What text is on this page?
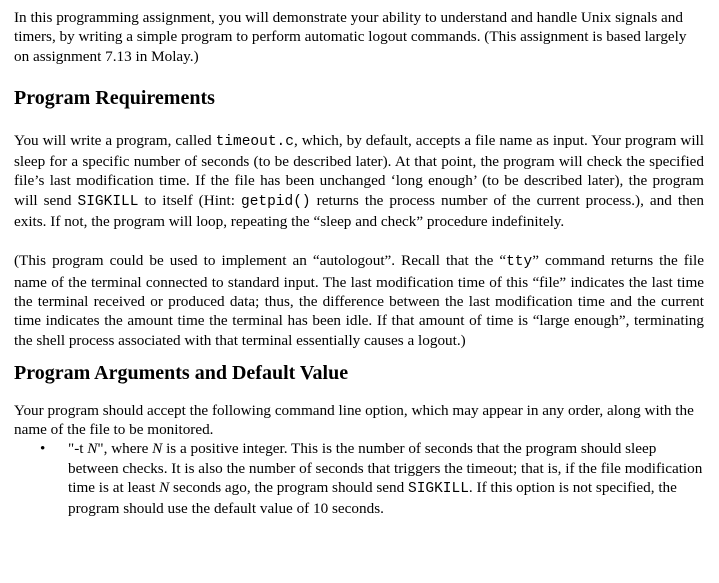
In this programming assignment, you will demonstrate your ability to understand and handle Unix signals and timers, by writing a simple program to perform automatic logout commands. (This assignment is based largely on assignment 7.13 in Molay.)

Program Requirements

You will write a program, called timeout.c, which, by default, accepts a file name as input. Your program will sleep for a specific number of seconds (to be described later). At that point, the program will check the specified file’s last modification time. If the file has been unchanged ‘long enough’ (to be described later), the program will send SIGKILL to itself (Hint: getpid() returns the process number of the current process.), and then exits. If not, the program will loop, repeating the “sleep and check” procedure indefinitely.

(This program could be used to implement an “autologout”. Recall that the “tty” command returns the file name of the terminal connected to standard input. The last modification time of this “file” indicates the last time the terminal received or produced data; thus, the difference between the last modification time and the current time indicates the amount time the terminal has been idle. If that amount of time is “large enough”, terminating the shell process associated with that terminal essentially causes a logout.)

Program Arguments and Default Value

Your program should accept the following command line option, which may appear in any order, along with the name of the file to be monitored.

• "-t N", where N is a positive integer. This is the number of seconds that the program should sleep between checks. It is also the number of seconds that triggers the timeout; that is, if the file modification time is at least N seconds ago, the program should send SIGKILL. If this option is not specified, the program should use the default value of 10 seconds.
